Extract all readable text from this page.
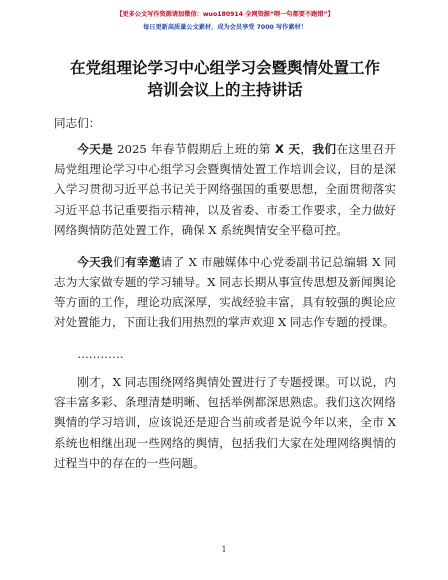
【更多公文写作资源请加微信：wuo180914 全网资源“喂一句都要不跑错”】
每日更新高质量公文素材，成为会员享受 7000 写作素材！
在党组理论学习中心组学习会暨舆情处置工作
培训会议上的主持讲话
同志们：

今天是 2025 年春节假期后上班的第 X 天，我们在这里召开局党组理论学习中心组学习会暨舆情处置工作培训会议，目的是深入学习贯彻习近平总书记关于网络强国的重要思想，全面贯彻落实习近平总书记重要指示精神，以及省委、市委工作要求，全力做好网络舆情防范处置工作，确保 X 系统舆情安全平稳可控。

今天我们有幸邀请了 X 市融媒体中心党委副书记总编辑 X 同志为大家做专题的学习辅导。X 同志长期从事宣传思想及新闻舆论等方面的工作，理论功底深厚，实战经验丰富，具有较强的舆论应对处置能力，下面让我们用热烈的掌声欢迎 X 同志作专题的授课。

…………

刚才，X 同志围绕网络舆情处置进行了专题授课。可以说，内容丰富多彩、条理清楚明晰、包括举例都深思熟虑。我们这次网络舆情的学习培训，应该说还是迎合当前或者是说今年以来，全市 X 系统也相继出现一些网络的舆情，包括我们大家在处理网络舆情的过程当中的存在的一些问题。

1
